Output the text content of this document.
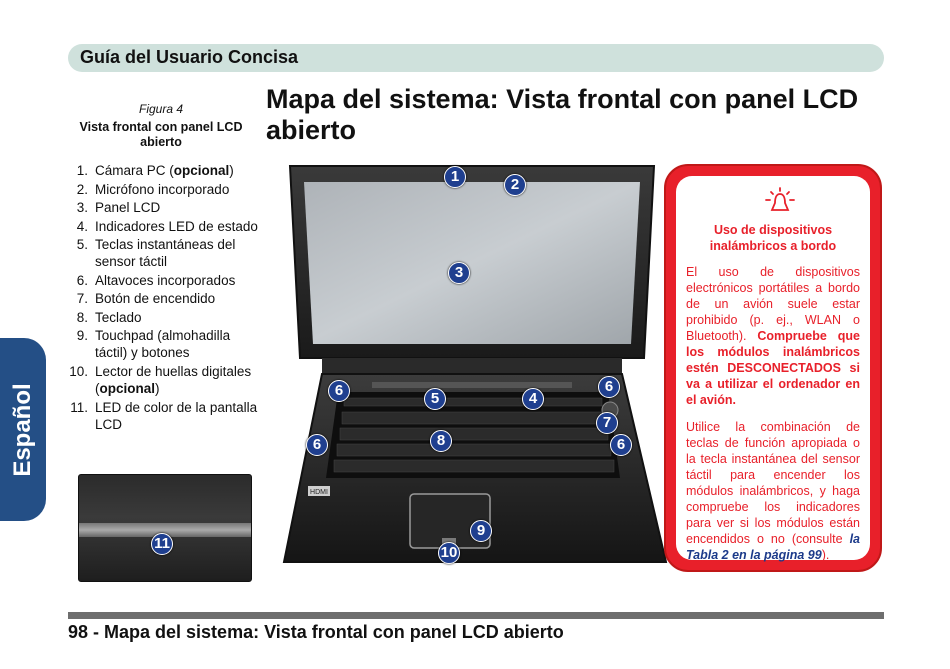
Guía del Usuario Concisa
Español
Figura 4
Vista frontal con panel LCD abierto
1. Cámara PC (opcional)
2. Micrófono incorporado
3. Panel LCD
4. Indicadores LED de estado
5. Teclas instantáneas del sensor táctil
6. Altavoces incorporados
7. Botón de encendido
8. Teclado
9. Touchpad (almohadilla táctil) y botones
10. Lector de huellas digitales (opcional)
11. LED de color de la pantalla LCD
Mapa del sistema: Vista frontal con panel LCD abierto
11
HDMI
1	2
3
6	5	4
6
7
6	8	6
9
10
Uso de dispositivos inalámbricos a bordo
El uso de dispositivos electrónicos portátiles a bordo de un avión suele estar prohibido (p. ej., WLAN o Bluetooth). Compruebe que los módulos inalámbricos estén DESCONECTADOS si va a utilizar el ordenador en el avión.
Utilice la combinación de teclas de función apropiada o la tecla instantánea del sensor táctil para encender los módulos inalámbricos, y haga compruebe los indicadores para ver si los módulos están encendidos o no (consulte la Tabla 2 en la página 99).
98 - Mapa del sistema: Vista frontal con panel LCD abierto
